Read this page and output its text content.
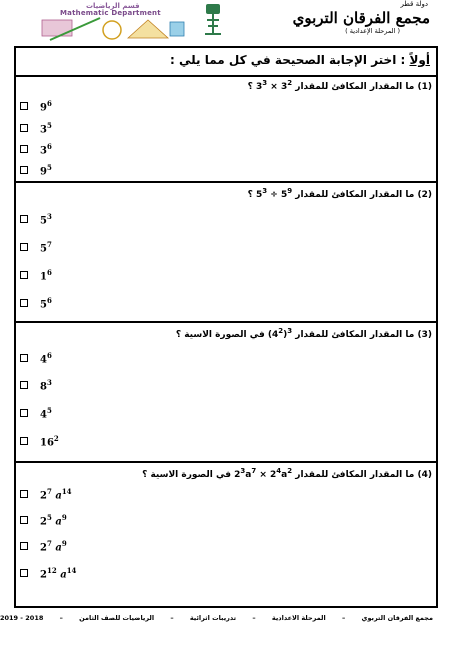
قسم الرياضيات
Mathematic Department
دولة قطر
مجمع الفرقان التربوي
( المرحلة الإعدادية )
أولاً : اختر الإجابة الصحيحة في كل مما يلي :
(1) ما المقدار المكافئ للمقدار $3^3 \times 3^2$ ؟
$9^6$
$3^5$
$3^6$
$9^5$
(2) ما المقدار المكافئ للمقدار $5^3 \div 5^9$ ؟
$5^3$
$5^7$
$1^6$
$5^6$
(3) ما المقدار المكافئ للمقدار $(4^2)^3$ في الصورة الاسية ؟
$4^6$
$8^3$
$4^5$
$16^2$
(4) ما المقدار المكافئ للمقدار $2^3a^7 \times 2^4a^2$ في الصورة الاسية ؟
$2^7$ $a^{14}$
$2^5$ $a^9$
$2^7$ $a^9$
$2^{12}$ $a^{14}$
مجمع الفرقان التربوي – المرحلة الاعدادية – تدريبات اثرائية – الرياضيات للصف الثامن – 2018 - 2019
